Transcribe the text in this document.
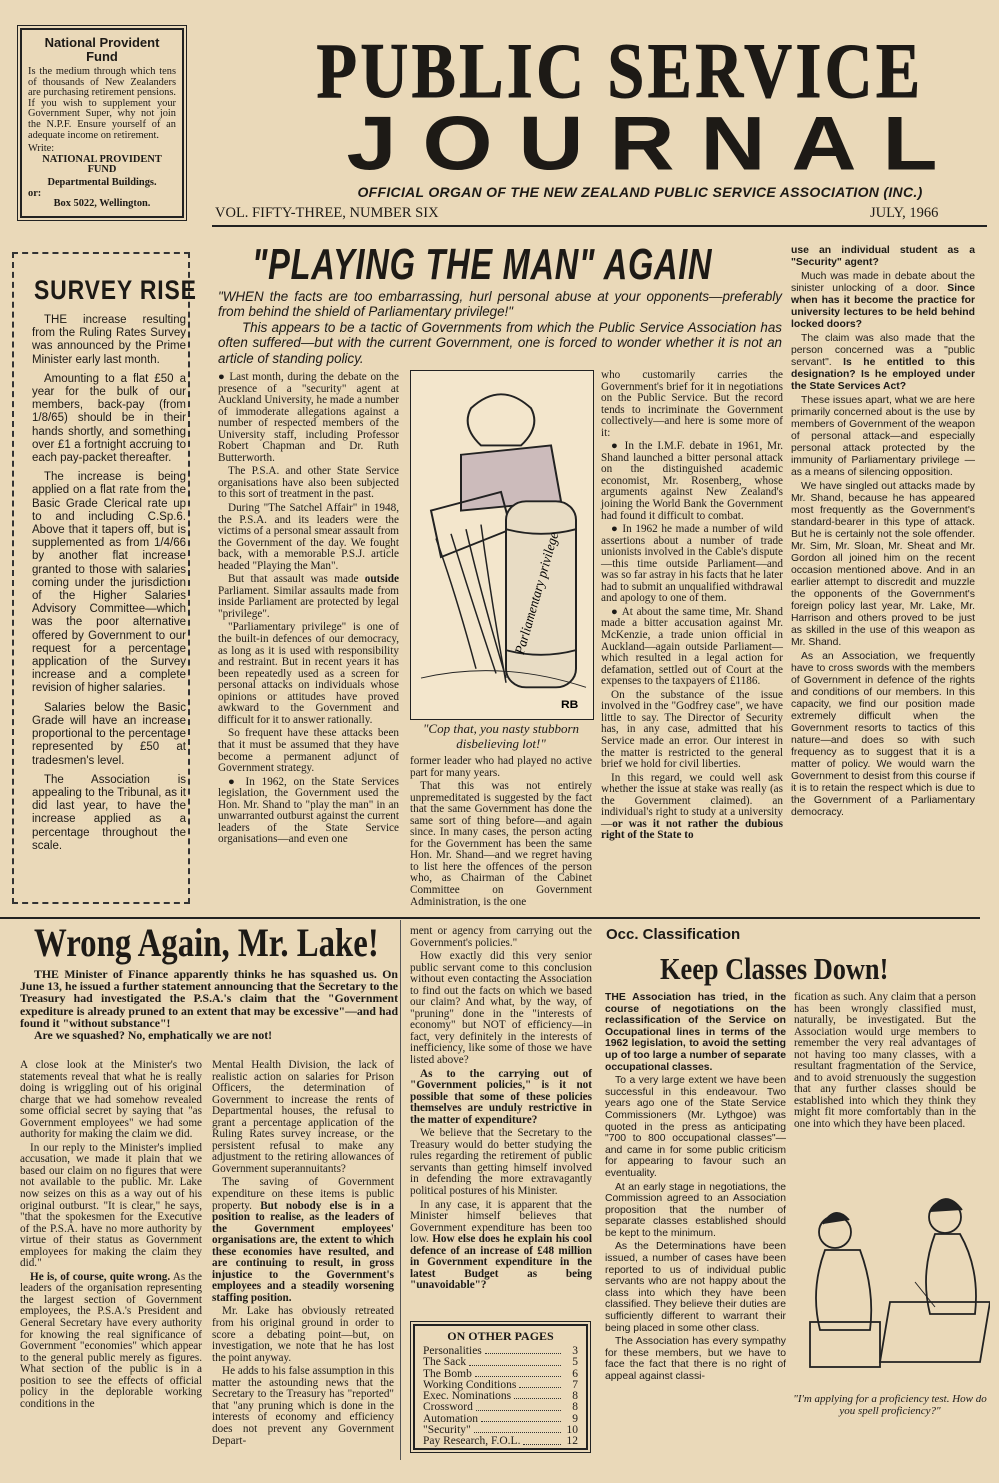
National Provident Fund
Is the medium through which tens of thousands of New Zealanders are purchasing retirement pensions. If you wish to supplement your Government Super, why not join the N.P.F. Ensure yourself of an adequate income on retirement.
Write:
NATIONAL PROVIDENT FUND
Departmental Buildings.
or:
Box 5022, Wellington.
PUBLIC SERVICE
JOURNAL
OFFICIAL ORGAN OF THE NEW ZEALAND PUBLIC SERVICE ASSOCIATION (INC.)
VOL. FIFTY-THREE, NUMBER SIX	JULY, 1966
SURVEY RISE

THE increase resulting from the Ruling Rates Survey was announced by the Prime Minister early last month.

Amounting to a flat £50 a year for the bulk of our members, back-pay (from 1/8/65) should be in their hands shortly, and something over £1 a fortnight accruing to each pay-packet thereafter.

The increase is being applied on a flat rate from the Basic Grade Clerical rate up to and including C.Sp.6. Above that it tapers off, but is supplemented as from 1/4/66 by another flat increase granted to those with salaries coming under the jurisdiction of the Higher Salaries Advisory Committee—which was the poor alternative offered by Government to our request for a percentage application of the Survey increase and a complete revision of higher salaries.

Salaries below the Basic Grade will have an increase proportional to the percentage represented by £50 at tradesmen's level.

The Association is appealing to the Tribunal, as it did last year, to have the increase applied as a percentage throughout the scale.

"PLAYING THE MAN" AGAIN

"WHEN the facts are too embarrassing, hurl personal abuse at your opponents—preferably from behind the shield of Parliamentary privilege!"

This appears to be a tactic of Governments from which the Public Service Association has often suffered—but with the current Government, one is forced to wonder whether it is not an article of standing policy.

● Last month, during the debate on the presence of a "security" agent at Auckland University, he made a number of immoderate allegations against a number of respected members of the University staff, including Professor Robert Chapman and Dr. Ruth Butterworth.

The P.S.A. and other State Service organisations have also been subjected to this sort of treatment in the past.

During "The Satchel Affair" in 1948, the P.S.A. and its leaders were the victims of a personal smear assault from the Government of the day. We fought back, with a memorable P.S.J. article headed "Playing the Man".

But that assault was made outside Parliament. Similar assaults made from inside Parliament are protected by legal "privilege".

"Parliamentary privilege" is one of the built-in defences of our democracy, as long as it is used with responsibility and restraint. But in recent years it has been repeatedly used as a screen for personal attacks on individuals whose opinions or attitudes have proved awkward to the Government and difficult for it to answer rationally.

So frequent have these attacks been that it must be assumed that they have become a permanent adjunct of Government strategy.

● In 1962, on the State Services legislation, the Government used the Hon. Mr. Shand to "play the man" in an unwarranted outburst against the current leaders of the State Service organisations—and even one

Parliamentary privilege
RB
"Cop that, you nasty stubborn disbelieving lot!"

former leader who had played no active part for many years.

That this was not entirely unpremeditated is suggested by the fact that the same Government has done the same sort of thing before—and again since. In many cases, the person acting for the Government has been the same Hon. Mr. Shand—and we regret having to list here the offences of the person who, as Chairman of the Cabinet Committee on Government Administration, is the one

who customarily carries the Government's brief for it in negotiations on the Public Service. But the record tends to incriminate the Government collectively—and here is some more of it:

● In the I.M.F. debate in 1961, Mr. Shand launched a bitter personal attack on the distinguished academic economist, Mr. Rosenberg, whose arguments against New Zealand's joining the World Bank the Government had found it difficult to combat.

● In 1962 he made a number of wild assertions about a number of trade unionists involved in the Cable's dispute—this time outside Parliament—and was so far astray in his facts that he later had to submit an unqualified withdrawal and apology to one of them.

● At about the same time, Mr. Shand made a bitter accusation against Mr. McKenzie, a trade union official in Auckland—again outside Parliament—which resulted in a legal action for defamation, settled out of Court at the expenses to the taxpayers of £1186.

On the substance of the issue involved in the "Godfrey case", we have little to say. The Director of Security has, in any case, admitted that his Service made an error. Our interest in the matter is restricted to the general brief we hold for civil liberties.

In this regard, we could well ask whether the issue at stake was really (as the Government claimed). an individual's right to study at a university—or was it not rather the dubious right of the State to

use an individual student as a "Security" agent?

Much was made in debate about the sinister unlocking of a door. Since when has it become the practice for university lectures to be held behind locked doors?

The claim was also made that the person concerned was a "public servant". Is he entitled to this designation? Is he employed under the State Services Act?

These issues apart, what we are here primarily concerned about is the use by members of Government of the weapon of personal attack—and especially personal attack protected by the immunity of Parliamentary privilege — as a means of silencing opposition.

We have singled out attacks made by Mr. Shand, because he has appeared most frequently as the Government's standard-bearer in this type of attack. But he is certainly not the sole offender. Mr. Sim, Mr. Sloan, Mr. Sheat and Mr. Gordon all joined him on the recent occasion mentioned above. And in an earlier attempt to discredit and muzzle the opponents of the Government's foreign policy last year, Mr. Lake, Mr. Harrison and others proved to be just as skilled in the use of this weapon as Mr. Shand.

As an Association, we frequently have to cross swords with the members of Government in defence of the rights and conditions of our members. In this capacity, we find our position made extremely difficult when the Government resorts to tactics of this nature—and does so with such frequency as to suggest that it is a matter of policy. We would warn the Government to desist from this course if it is to retain the respect which is due to the Government of a Parliamentary democracy.

Wrong Again, Mr. Lake!

THE Minister of Finance apparently thinks he has squashed us. On June 13, he issued a further statement announcing that the Secretary to the Treasury had investigated the P.S.A.'s claim that the "Government expediture is already pruned to an extent that may be excessive"—and had found it "without substance"!

Are we squashed? No, emphatically we are not!

A close look at the Minister's two statements reveal that what he is really doing is wriggling out of his original charge that we had somehow revealed some official secret by saying that "as Government employees" we had some authority for making the claim we did.

In our reply to the Minister's implied accusation, we made it plain that we based our claim on no figures that were not available to the public. Mr. Lake now seizes on this as a way out of his original outburst. "It is clear," he says, "that the spokesmen for the Executive of the P.S.A. have no more authority by virtue of their status as Government employees for making the claim they did."

He is, of course, quite wrong. As the leaders of the organisation representing the largest section of Government employees, the P.S.A.'s President and General Secretary have every authority for knowing the real significance of Government "economies" which appear to the general public merely as figures. What section of the public is in a position to see the effects of official policy in the deplorable working conditions in the

Mental Health Division, the lack of realistic action on salaries for Prison Officers, the determination of Government to increase the rents of Departmental houses, the refusal to grant a percentage application of the Ruling Rates survey increase, or the persistent refusal to make any adjustment to the retiring allowances of Government superannuitants?

The saving of Government expenditure on these items is public property. But nobody else is in a position to realise, as the leaders of the Government employees' organisations are, the extent to which these economies have resulted, and are continuing to result, in gross injustice to the Government's employees and a steadily worsening staffing position.

Mr. Lake has obviously retreated from his original ground in order to score a debating point—but, on investigation, we note that he has lost the point anyway.

He adds to his false assumption in this matter the astounding news that the Secretary to the Treasury has "reported" that "any pruning which is done in the interests of economy and efficiency does not prevent any Government Depart-

ment or agency from carrying out the Government's policies."

How exactly did this very senior public servant come to this conclusion without even contacting the Association to find out the facts on which we based our claim? And what, by the way, of "pruning" done in the "interests of economy" but NOT of efficiency—in fact, very definitely in the interests of inefficiency, like some of those we have listed above?

As to the carrying out of "Government policies," is it not possible that some of these policies themselves are unduly restrictive in the matter of expenditure?

We believe that the Secretary to the Treasury would do better studying the rules regarding the retirement of public servants than getting himself involved in defending the more extravagantly political postures of his Minister.

In any case, it is apparent that the Minister himself believes that Government expenditure has been too low. How else does he explain his cool defence of an increase of £48 million in Government expenditure in the latest Budget as being "unavoidable"?

ON OTHER PAGES
Personalities	3
The Sack	5
The Bomb	6
Working Conditions	7
Exec. Nominations	8
Crossword	8
Automation	9
"Security"	10
Pay Research, F.O.L.	12
Occ. Classification
Keep Classes Down!

THE Association has tried, in the course of negotiations on the reclassification of the Service on Occupational lines in terms of the 1962 legislation, to avoid the setting up of too large a number of separate occupational classes.

To a very large extent we have been successful in this endeavour. Two years ago one of the State Service Commissioners (Mr. Lythgoe) was quoted in the press as anticipating "700 to 800 occupational classes"—and came in for some public criticism for appearing to favour such an eventuality.

At an early stage in negotiations, the Commission agreed to an Association proposition that the number of separate classes established should be kept to the minimum.

As the Determinations have been issued, a number of cases have been reported to us of individual public servants who are not happy about the class into which they have been classified. They believe their duties are sufficiently different to warrant their being placed in some other class.

The Association has every sympathy for these members, but we have to face the fact that there is no right of appeal against classi-

fication as such. Any claim that a person has been wrongly classified must, naturally, be investigated. But the Association would urge members to remember the very real advantages of not having too many classes, with a resultant fragmentation of the Service, and to avoid strenuously the suggestion that any further classes should be established into which they think they might fit more comfortably than in the one into which they have been placed.

"I'm applying for a proficiency test. How do you spell proficiency?"
